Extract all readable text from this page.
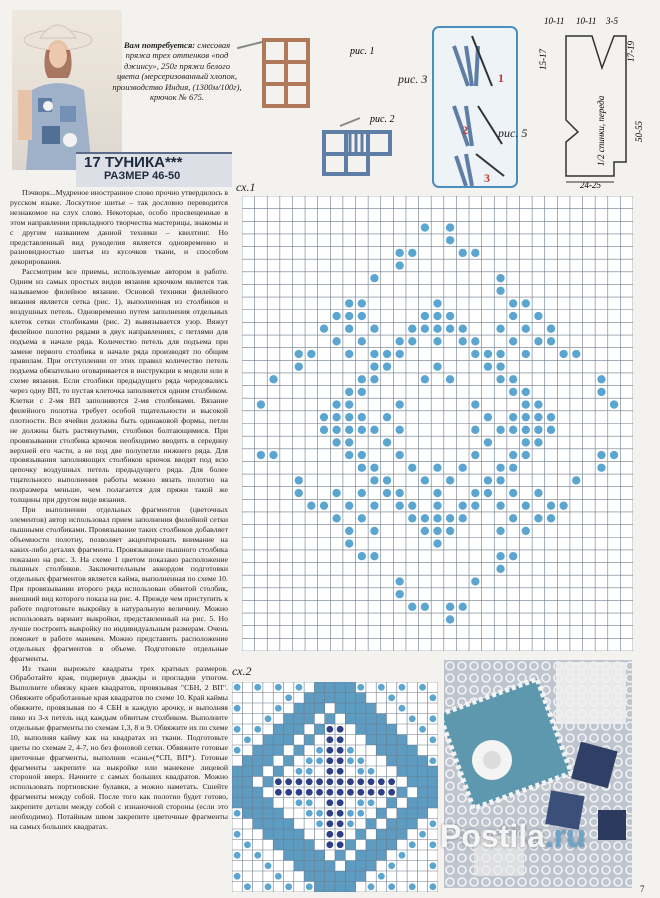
Вам потребуется: смесовая пряжа трех оттенков «под джинсу», 250г пряжи белого цвета (мерсеризованный хлопок, производство Индия, (1300м/100г), крючок № 675.
17 ТУНИКА***
РАЗМЕР 46-50

Пэчворк...Мудреное иностранное слово прочно утвердилось в русском языке. Лоскутное шитье – так дословно переводится незнакомое на слух слово. Некоторые, особо просвещенные в этом направлении прикладного творчества мастерицы, знакомы и с другим названием данной техники – квилтинг. Но представленный вид рукоделия является одновременно и разновидностью шитья из кусочков ткани, и способом декорирования.

Рассмотрим все приемы, используемые автором в работе. Одним из самых простых видов вязания крючком является так называемое филейное вязание. Основой техники филейного вязания является сетка (рис. 1), выполненная из столбиков и воздушных петель. Одновременно путем заполнения отдельных клеток сетки столбиками (рис. 2) вывязывается узор. Вяжут филейное полотно рядами в двух направлениях, с петлями для подъема в начале ряда. Количество петель для подъема при замене первого столбика в начале ряда производят по общим правилам. При отступлении от этих правил количество петель подъема обязательно оговаривается в инструкции к модели или в схеме вязания. Если столбики предыдущего ряда чередовались через одну ВП, то пустая клеточка заполняется одним столбиком. Клетки с 2-мя ВП заполняются 2-мя столбиками. Вязание филейного полотна требует особой тщательности и высокой плотности. Все ячейки должны быть одинаковой формы, петли не должны быть растянутыми, столбики болтающимися. При провязывании столбика крючок необходимо вводить в середину верхней его части, а не под две полупетли нижнего ряда. Для провязывания заполняющих столбиков крючок вводят под всю цепочку воздушных петель предыдущего ряда. Для более тщательного выполнения работы можно вязать полотно на полразмера меньше, чем полагается для пряжи такой же толщины при другом виде вязания.

При выполнении отдельных фрагментов (цветочных элементов) автор использовал прием заполнения филейной сетки пышными столбиками. Провязывание таких столбиков добавляет объемности полотну, позволяет акцентировать внимание на каких-либо деталях фрагмента. Провязывание пышного столбика показано на рис. 3. На схеме 1 цветом показано расположение пышных столбиков. Заключительным аккордом подготовки отдельных фрагментов является кайма, выполненная по схеме 10. При провязывании второго ряда использован обвитой столбик, внешний вид которого показа на рис. 4. Прежде чем приступить к работе подготовьте выкройку в натуральную величину. Можно использовать вариант выкройки, представленный на рис. 5. Но лучше построить выкройку по индивидуальным размерам. Очень поможет в работе манекен. Можно представить расположение отдельных фрагментов в объеме. Подготовьте отдельные фрагменты.

Из ткани вырежьте квадраты трех кратных размеров. Обработайте края, подвернув дважды и прогладив утюгом. Выполните обвязку краев квадратов, провязывая "СБН, 2 ВП". Обвяжите обработанные края квадратов по схеме 10. Край каймы обвяжите, провязывая по 4 СБН в каждую арочку, и выполняя пико из 3-х петель над каждым обвитым столбиком. Выполните отдельные фрагменты по схемам 1,3, 8 и 9. Обвяжите их по схеме 10, выполняя кайму как на квадратах из ткани. Подготовьте цветы по схемам 2, 4-7, но без фоновой сетки. Обвяжите готовые цветочные фрагменты, выполнив «сань»(*СП, ВП*). Готовые фрагменты закрепите на выкройке или манекене лицевой стороной вверх. Начните с самых больших квадратов. Можно использовать портновские булавки, а можно наметать. Сшейте фрагменты между собой. После того как полотно будет готово, закрепите детали между собой с изнаночной стороны (если это необходимо). Потайным швом закрепите цветочные фрагменты на самых больших квадратах.

рис. 1
рис. 2
рис. 3	1
2
3
10-11 10-11 3-5
15-17	17-19
50-55
1/2 спинки, переда
24-25
рис. 5
сх.1
сх.2
Postila.ru
7
